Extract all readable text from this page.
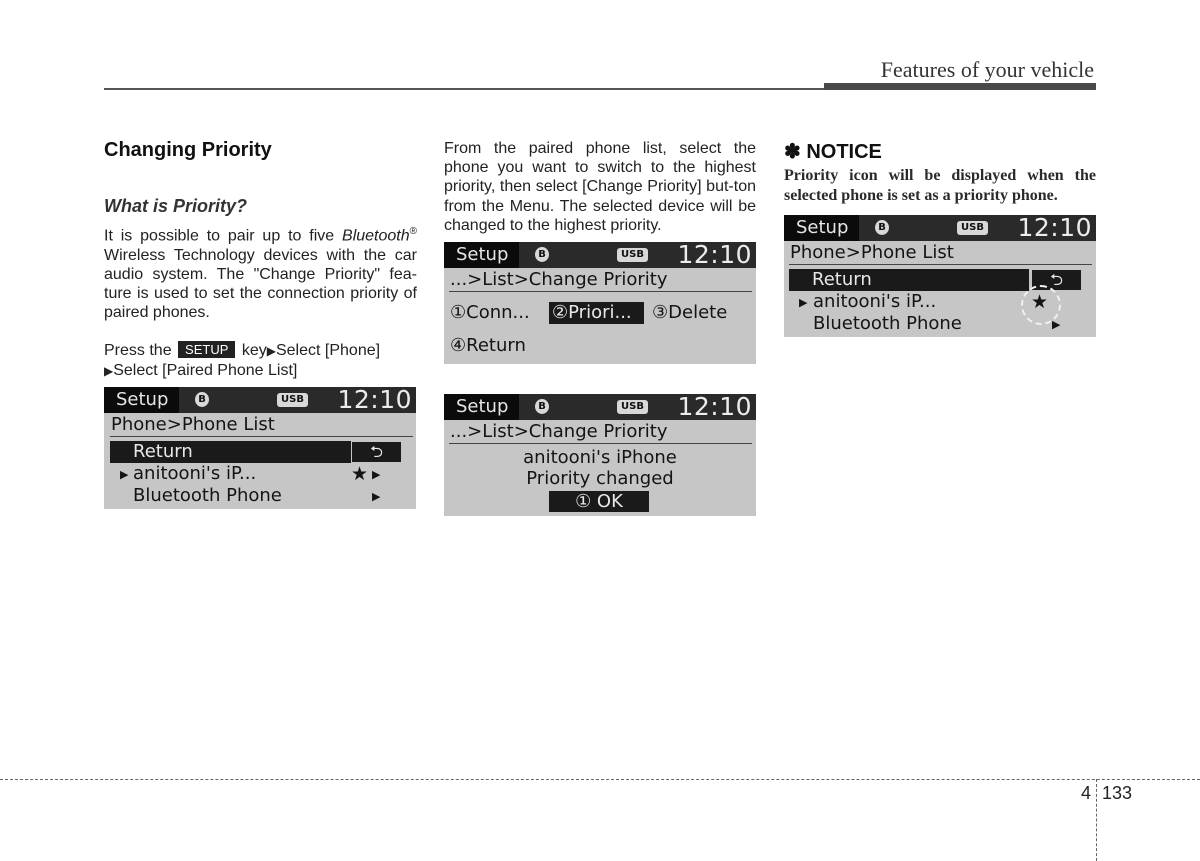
Features of your vehicle
Changing Priority
What is Priority?
It is possible to pair up to five Bluetooth® Wireless Technology devices with the car audio system. The "Change Priority" fea-ture is used to set the connection priority of paired phones.
Press the SETUP key▶Select [Phone]
▶Select [Paired Phone List]
Setup	B	USB 12:10
Phone>Phone List
Return	⮌
▶ anitooni's iP...	★ ▶
Bluetooth Phone	▶
From the paired phone list, select the phone you want to switch to the highest priority, then select [Change Priority] but-ton from the Menu. The selected device will be changed to the highest priority.
Setup	B	USB 12:10
...>List>Change Priority
①Conn... ②Priori...	③Delete
④Return
Setup	B	USB 12:10
...>List>Change Priority
anitooni's iPhone
Priority changed
① OK
✽ NOTICE
Priority icon will be displayed when the selected phone is set as a priority phone.
Setup	B	USB 12:10
Phone>Phone List
Return	⮌
▶ anitooni's iP...	★
Bluetooth Phone	▶
4 133
